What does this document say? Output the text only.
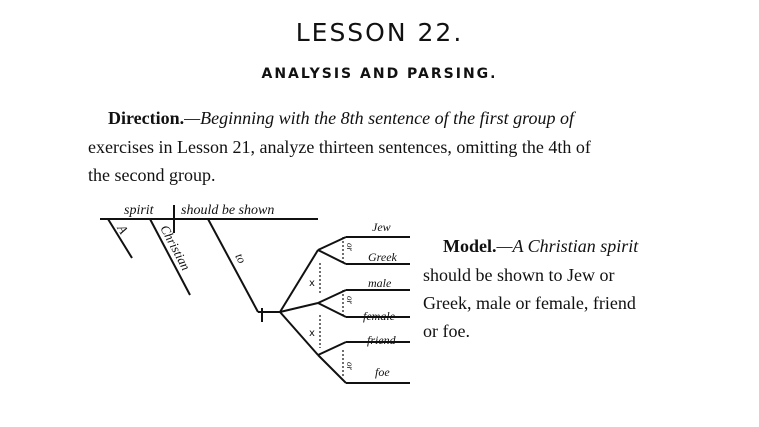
LESSON 22.
ANALYSIS AND PARSING.
Direction.—Beginning with the 8th sentence of the first group of
exercises in Lesson 21, analyze thirteen sentences, omitting the 4th of
the second group.
Model.—A Christian spirit
should be shown to Jew or
Greek, male or female, friend
or foe.
spirit should be shown
A Christian	to
or
Jew
Greek
or
male
female
or
friend
foe
x
x
